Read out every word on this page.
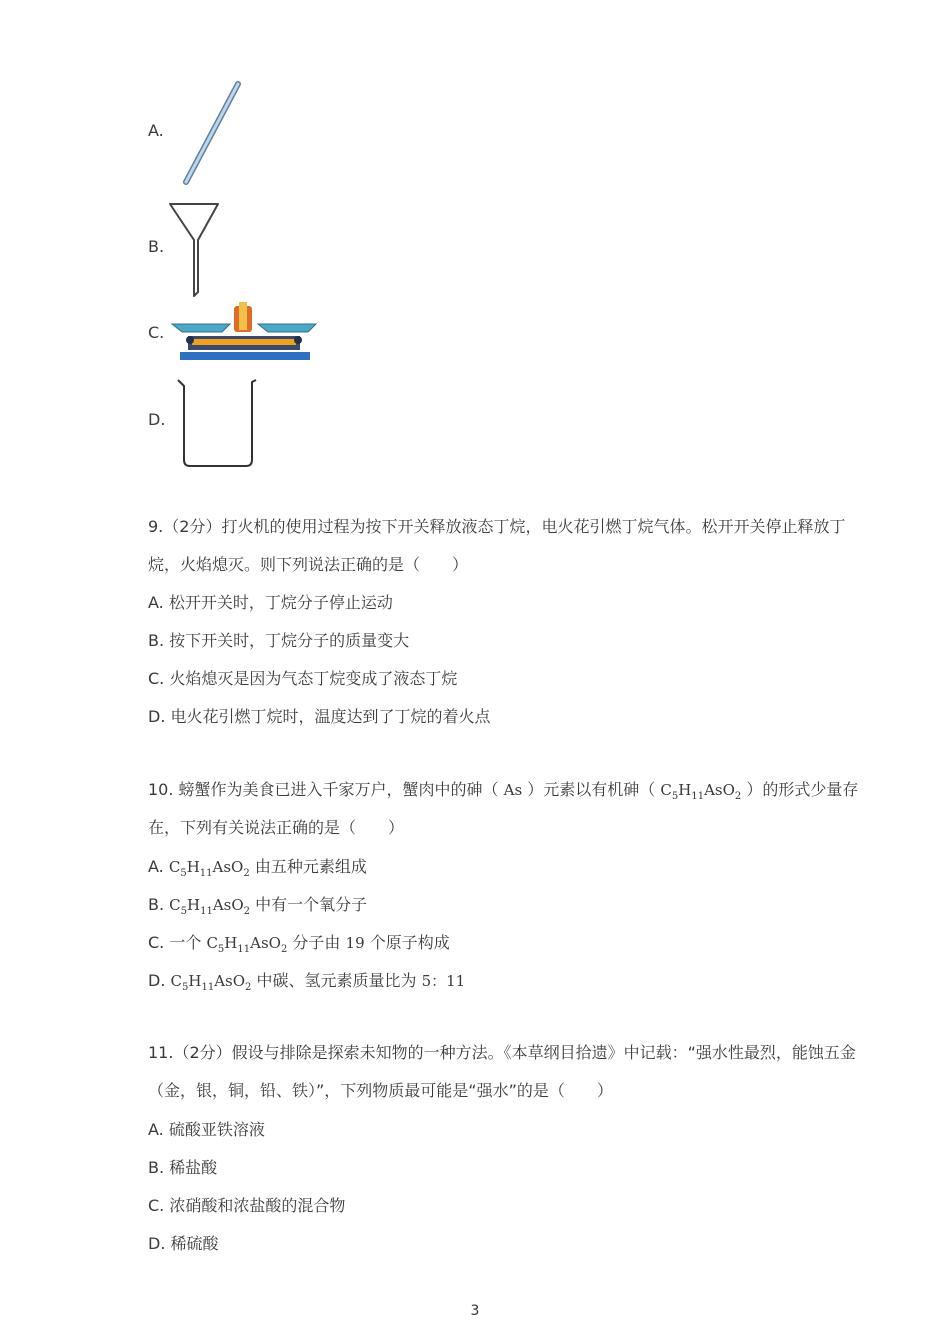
A.
B.
C.
D.
9.（2分）打火机的使用过程为按下开关释放液态丁烷，电火花引燃丁烷气体。松开开关停止释放丁
烷，火焰熄灭。则下列说法正确的是（　　）
A. 松开开关时，丁烷分子停止运动
B. 按下开关时，丁烷分子的质量变大
C. 火焰熄灭是因为气态丁烷变成了液态丁烷
D. 电火花引燃丁烷时，温度达到了丁烷的着火点
10. 螃蟹作为美食已进入千家万户，蟹肉中的砷（ As ）元素以有机砷（ $C_5H_{11}AsO_2$ ）的形式少量存
在，下列有关说法正确的是（　　）
A. $C_5H_{11}AsO_2$ 由五种元素组成
B. $C_5H_{11}AsO_2$ 中有一个氧分子
C. 一个 $C_5H_{11}AsO_2$ 分子由 19 个原子构成
D. $C_5H_{11}AsO_2$ 中碳、氢元素质量比为 5：11
11.（2分）假设与排除是探索未知物的一种方法。《本草纲目拾遗》中记载：“强水性最烈，能蚀五金
（金，银，铜，铅、铁）”，下列物质最可能是“强水”的是（　　）
A. 硫酸亚铁溶液
B. 稀盐酸
C. 浓硝酸和浓盐酸的混合物
D. 稀硫酸
3
